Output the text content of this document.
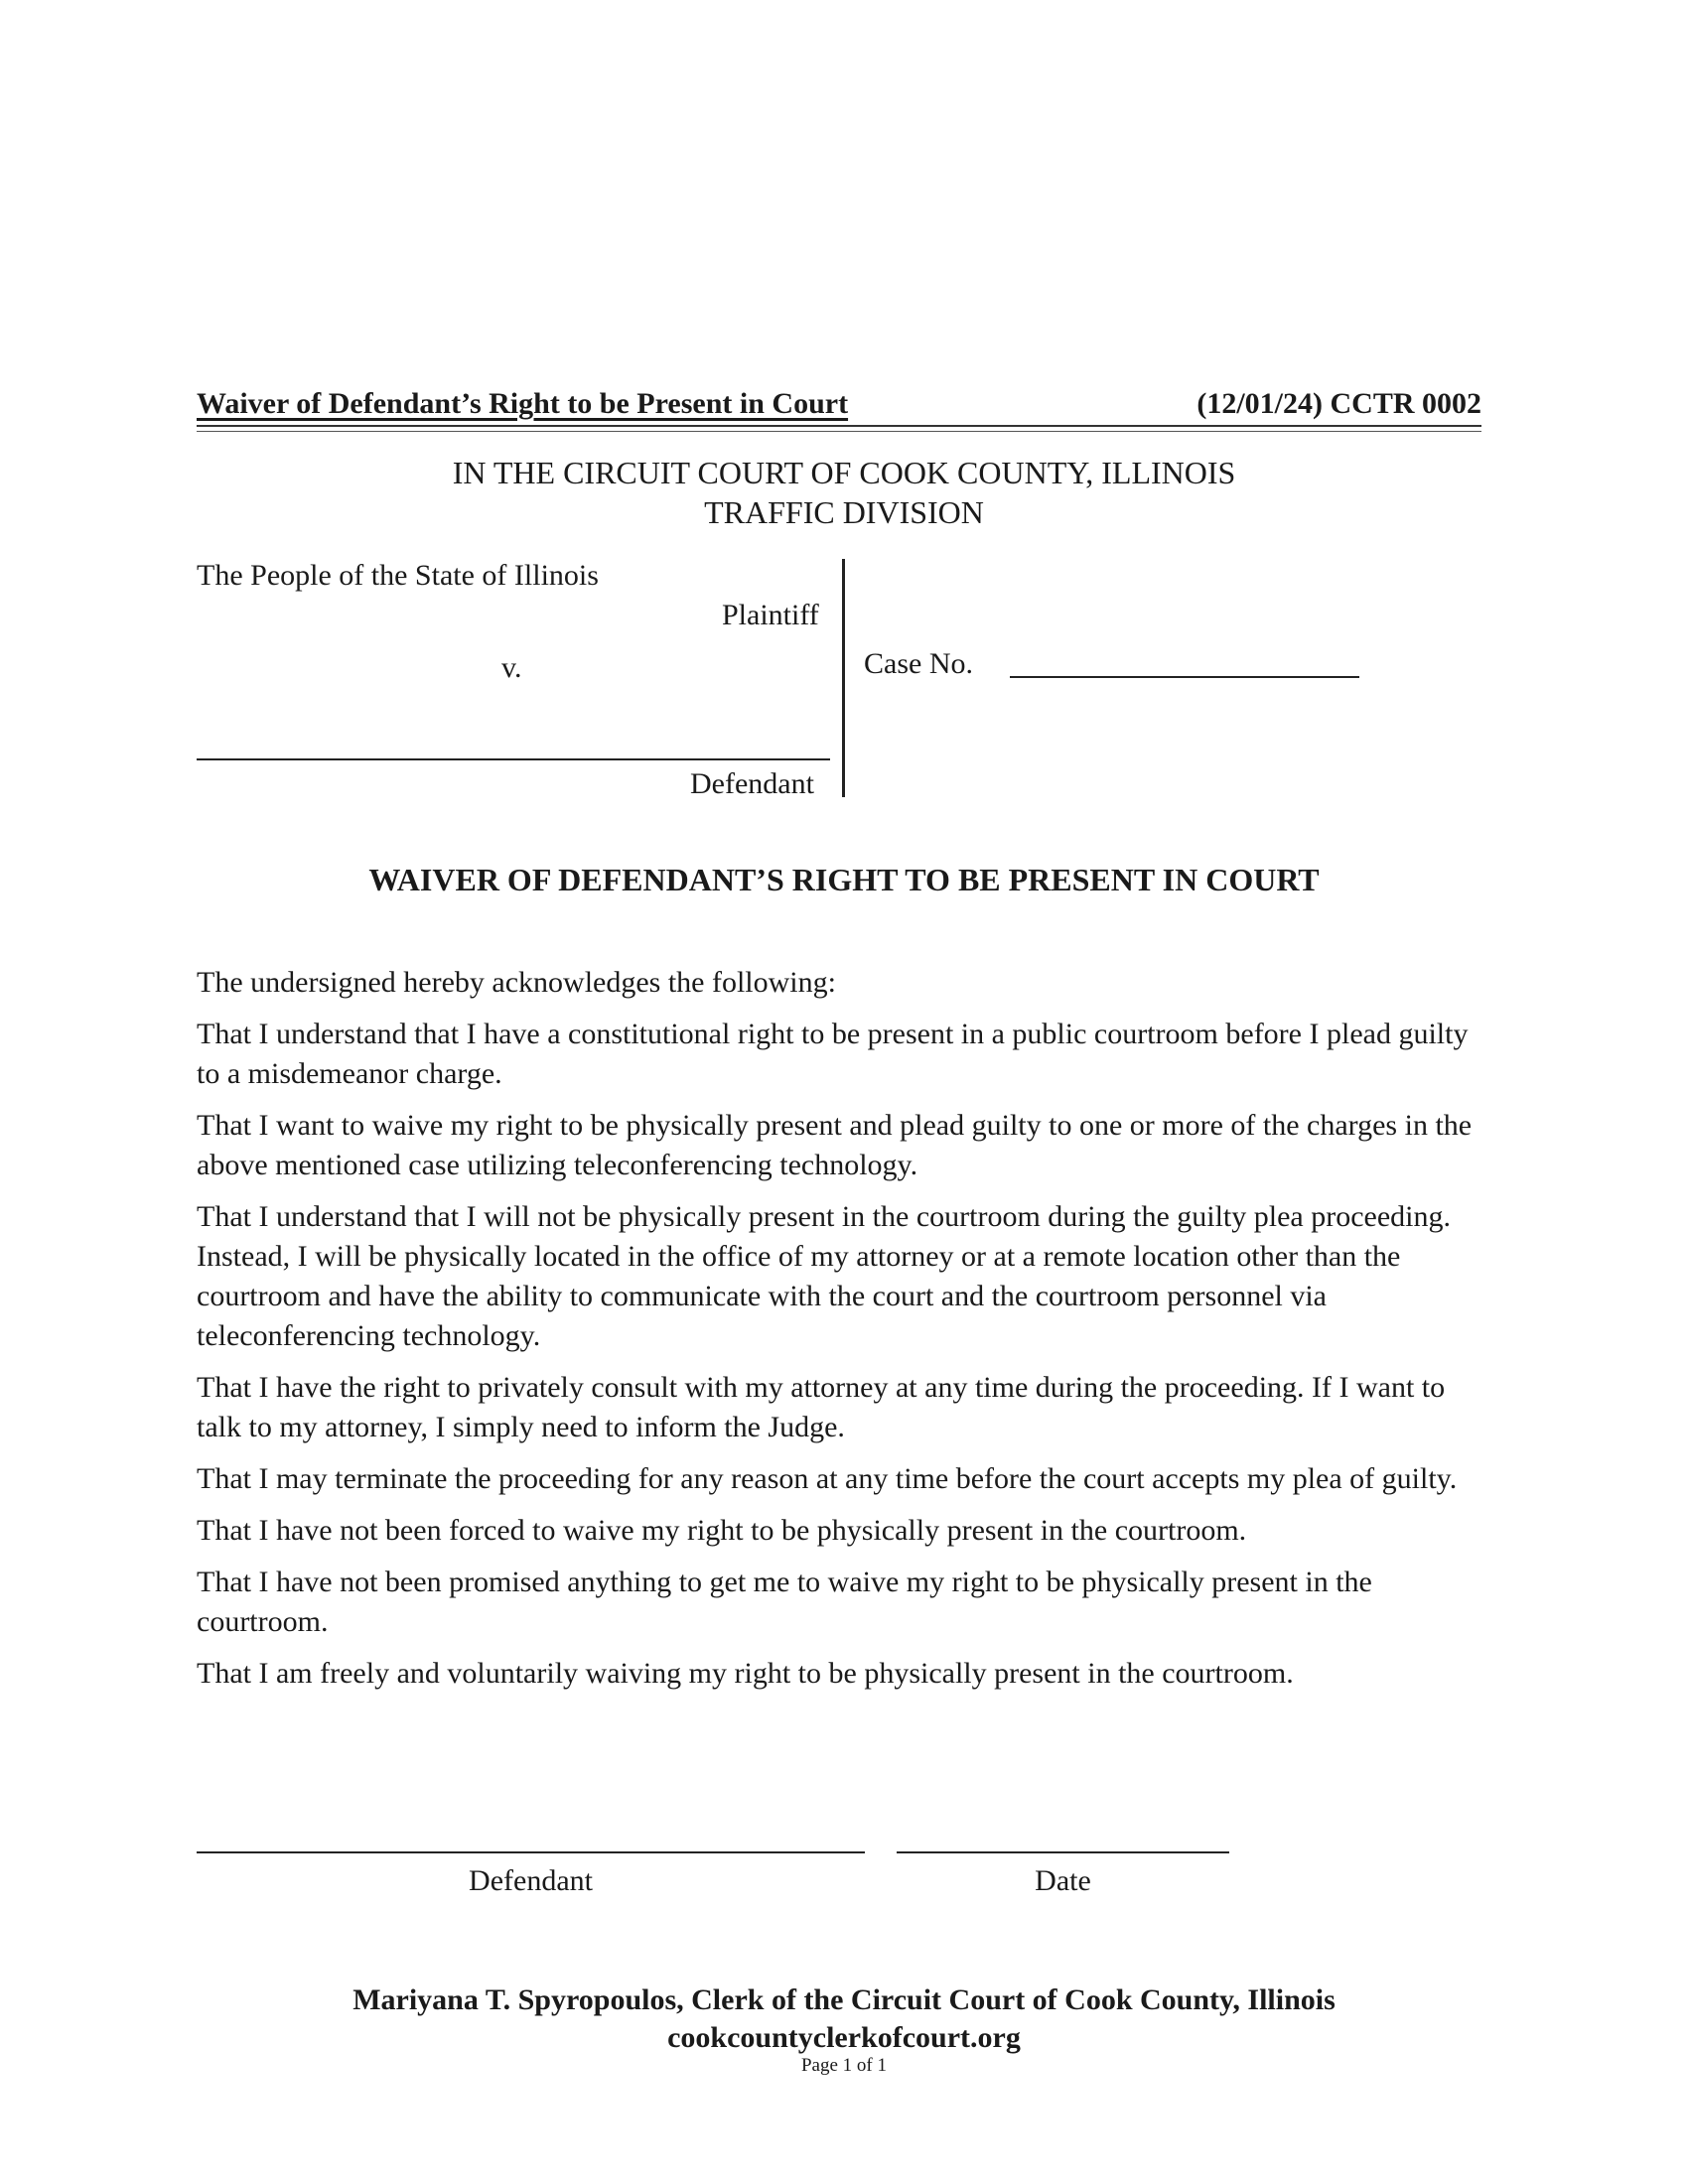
Waiver of Defendant’s Right to be Present in Court	(12/01/24) CCTR 0002
IN THE CIRCUIT COURT OF COOK COUNTY, ILLINOIS
TRAFFIC DIVISION
The People of the State of Illinois
Plaintiff
v.
Defendant
Case No.
WAIVER OF DEFENDANT’S RIGHT TO BE PRESENT IN COURT

The undersigned hereby acknowledges the following:

That I understand that I have a constitutional right to be present in a public courtroom before I plead guilty to a misdemeanor charge.

That I want to waive my right to be physically present and plead guilty to one or more of the charges in the above mentioned case utilizing teleconferencing technology.

That I understand that I will not be physically present in the courtroom during the guilty plea proceeding. Instead, I will be physically located in the office of my attorney or at a remote location other than the courtroom and have the ability to communicate with the court and the courtroom personnel via teleconferencing technology.

That I have the right to privately consult with my attorney at any time during the proceeding. If I want to talk to my attorney, I simply need to inform the Judge.

That I may terminate the proceeding for any reason at any time before the court accepts my plea of guilty.

That I have not been forced to waive my right to be physically present in the courtroom.

That I have not been promised anything to get me to waive my right to be physically present in the courtroom.

That I am freely and voluntarily waiving my right to be physically present in the courtroom.

Defendant	Date
Mariyana T. Spyropoulos, Clerk of the Circuit Court of Cook County, Illinois
cookcountyclerkofcourt.org
Page 1 of 1
